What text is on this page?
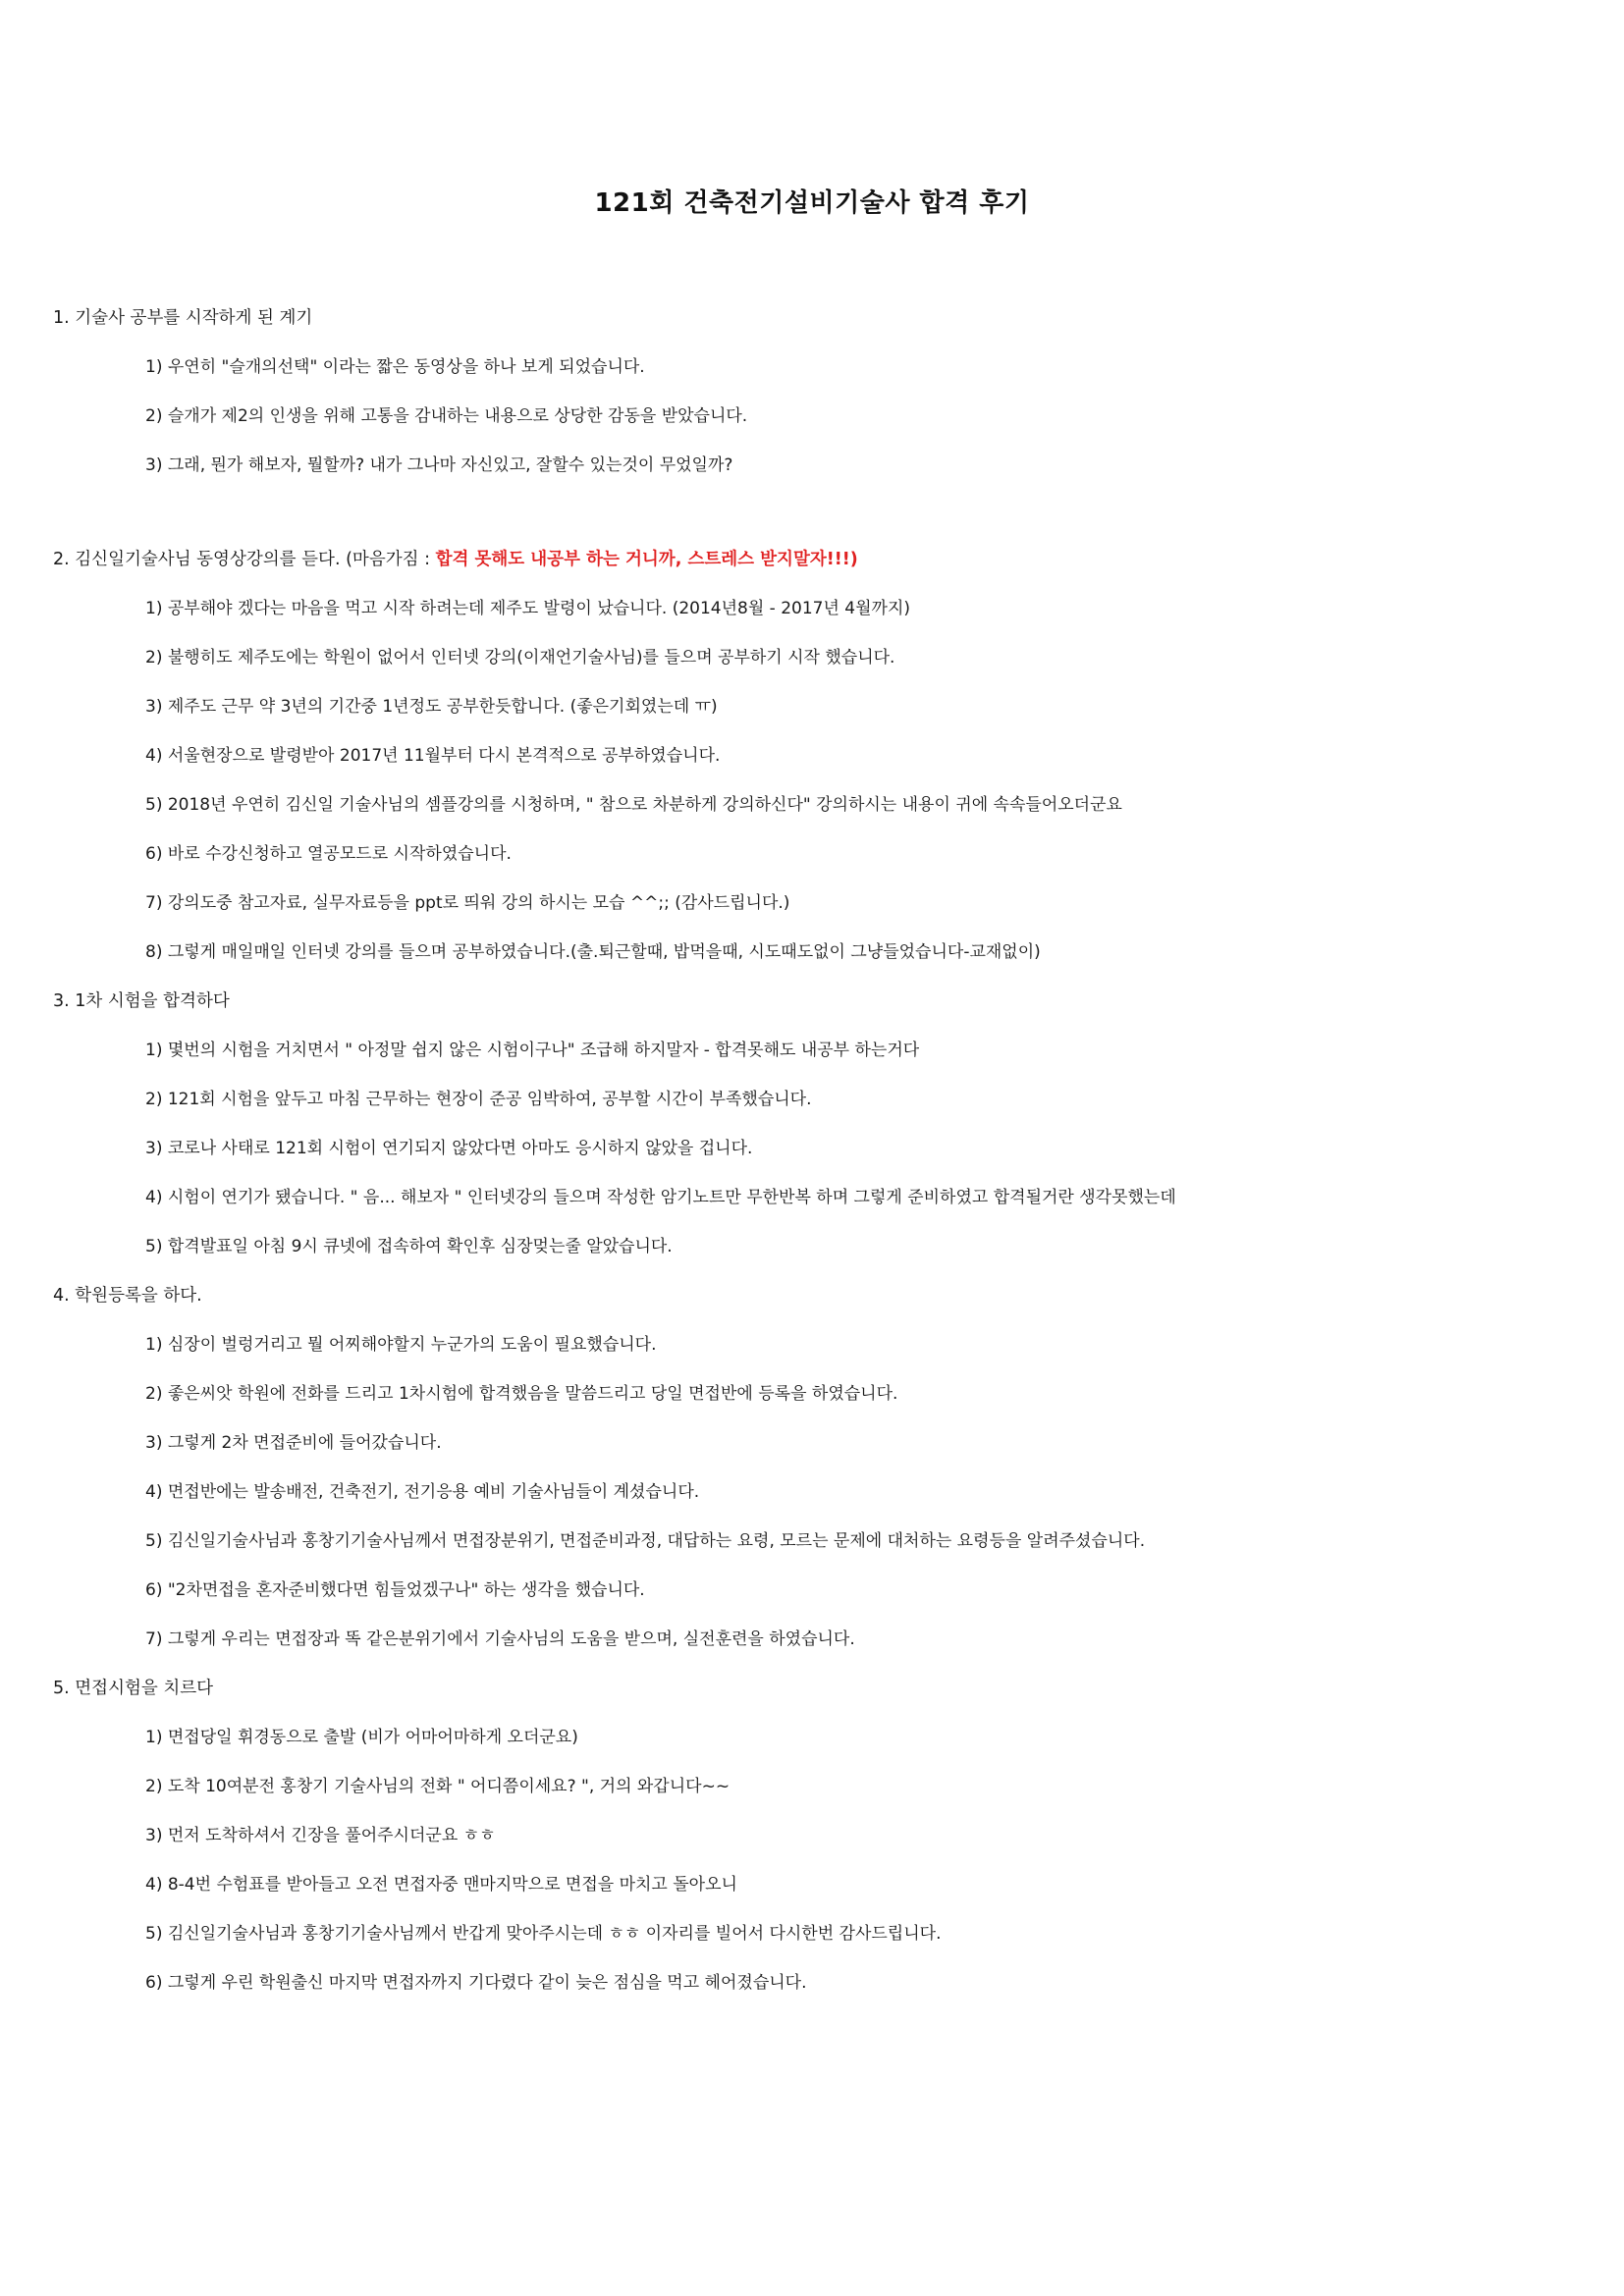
121회 건축전기설비기술사 합격 후기
1. 기술사 공부를 시작하게 된 계기
1) 우연히 "슬개의선택" 이라는 짧은 동영상을 하나 보게 되었습니다.
2) 슬개가 제2의 인생을 위해 고통을 감내하는 내용으로 상당한 감동을 받았습니다.
3) 그래, 뭔가 해보자, 뭘할까? 내가 그나마 자신있고, 잘할수 있는것이 무었일까?
2. 김신일기술사님 동영상강의를 듣다. (마음가짐 : 합격 못해도 내공부 하는 거니까, 스트레스 받지말자!!!)
1) 공부해야 겠다는 마음을 먹고 시작 하려는데 제주도 발령이 났습니다. (2014년8월 - 2017년 4월까지)
2) 불행히도 제주도에는 학원이 없어서 인터넷 강의(이재언기술사님)를 들으며 공부하기 시작 했습니다.
3) 제주도 근무 약 3년의 기간중 1년정도 공부한듯합니다. (좋은기회였는데 ㅠ)
4) 서울현장으로 발령받아 2017년 11월부터 다시 본격적으로 공부하였습니다.
5) 2018년 우연히 김신일 기술사님의 셈플강의를 시청하며, " 참으로 차분하게 강의하신다" 강의하시는 내용이 귀에 속속들어오더군요
6) 바로 수강신청하고 열공모드로 시작하였습니다.
7) 강의도중 참고자료, 실무자료등을 ppt로 띄워 강의 하시는 모습 ^^;; (감사드립니다.)
8) 그렇게 매일매일 인터넷 강의를 들으며 공부하였습니다.(출.퇴근할때, 밥먹을때, 시도때도없이 그냥들었습니다-교재없이)
3. 1차 시험을 합격하다
1) 몇번의 시험을 거치면서 " 아정말 쉽지 않은 시험이구나" 조급해 하지말자 - 합격못해도 내공부 하는거다
2) 121회 시험을 앞두고 마침 근무하는 현장이 준공 임박하여, 공부할 시간이 부족했습니다.
3) 코로나 사태로 121회 시험이 연기되지 않았다면 아마도 응시하지 않았을 겁니다.
4) 시험이 연기가 됐습니다. " 음... 해보자 " 인터넷강의 들으며 작성한 암기노트만 무한반복 하며 그렇게 준비하였고 합격될거란 생각못했는데
5) 합격발표일 아침 9시 큐넷에 접속하여 확인후 심장멎는줄 알았습니다.
4. 학원등록을 하다.
1) 심장이 벌렁거리고 뭘 어찌해야할지 누군가의 도움이 필요했습니다.
2) 좋은씨앗 학원에 전화를 드리고 1차시험에 합격했음을 말씀드리고 당일 면접반에 등록을 하였습니다.
3) 그렇게 2차 면접준비에 들어갔습니다.
4) 면접반에는 발송배전, 건축전기, 전기응용 예비 기술사님들이 계셨습니다.
5) 김신일기술사님과 홍창기기술사님께서 면접장분위기, 면접준비과정, 대답하는 요령, 모르는 문제에 대처하는 요령등을 알려주셨습니다.
6) "2차면접을 혼자준비했다면 힘들었겠구나" 하는 생각을 했습니다.
7) 그렇게 우리는 면접장과 똑 같은분위기에서 기술사님의 도움을 받으며, 실전훈련을 하였습니다.
5. 면접시험을 치르다
1) 면접당일 휘경동으로 출발 (비가 어마어마하게 오더군요)
2) 도착 10여분전 홍창기 기술사님의 전화 " 어디쯤이세요? ", 거의 와갑니다~~
3) 먼저 도착하셔서 긴장을 풀어주시더군요 ㅎㅎ
4) 8-4번 수험표를 받아들고 오전 면접자중 맨마지막으로 면접을 마치고 돌아오니
5) 김신일기술사님과 홍창기기술사님께서 반갑게 맞아주시는데 ㅎㅎ 이자리를 빌어서 다시한번 감사드립니다.
6) 그렇게 우린 학원출신 마지막 면접자까지 기다렸다 같이 늦은 점심을 먹고 헤어졌습니다.
